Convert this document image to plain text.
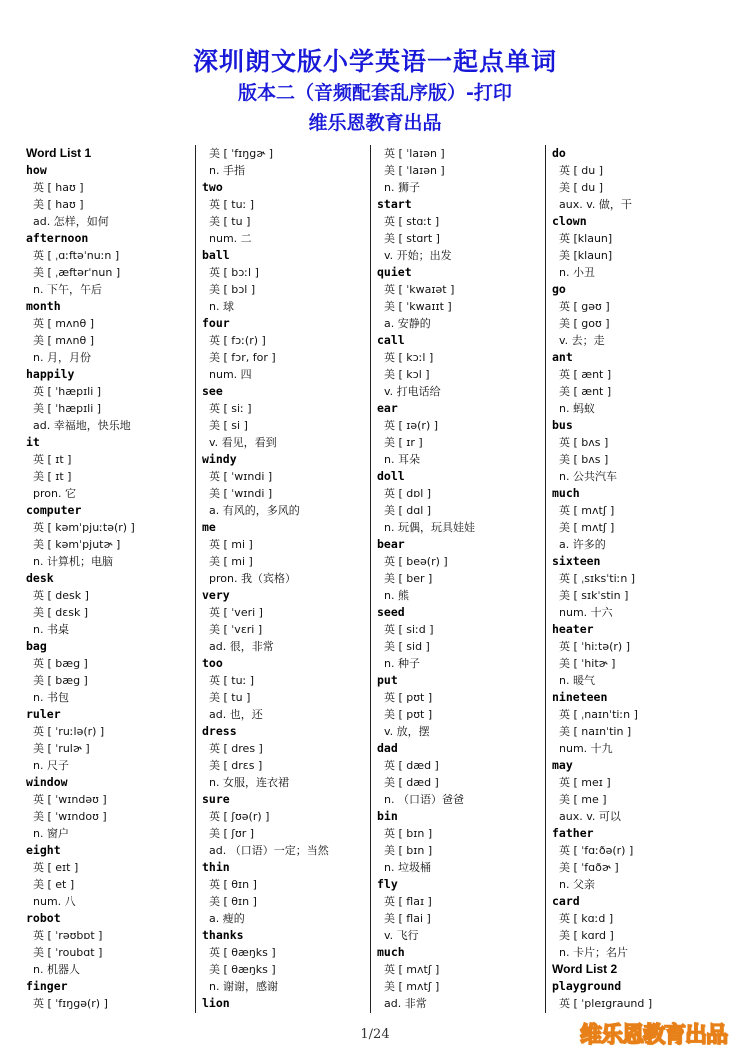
深圳朗文版小学英语一起点单词
版本二（音频配套乱序版）-打印
维乐恩教育出品
Word List 1
how
英 [ haʊ ]
美 [ haʊ ]
ad. 怎样，如何
afternoon
英 [ ˌɑːftəˈnuːn ]
美 [ ˌæftərˈnun ]
n. 下午，午后
month
英 [ mʌnθ ]
美 [ mʌnθ ]
n. 月，月份
happily
英 [ ˈhæpɪli ]
美 [ ˈhæpɪli ]
ad. 幸福地，快乐地
it
英 [ ɪt ]
美 [ ɪt ]
pron. 它
computer
英 [ kəmˈpjuːtə(r) ]
美 [ kəmˈpjutɚ ]
n. 计算机；电脑
desk
英 [ desk ]
美 [ dɛsk ]
n. 书桌
bag
英 [ bæg ]
美 [ bæg ]
n. 书包
ruler
英 [ ˈruːlə(r) ]
美 [ ˈrulɚ ]
n. 尺子
window
英 [ ˈwɪndəʊ ]
美 [ ˈwɪndoʊ ]
n. 窗户
eight
英 [ eɪt ]
美 [ et ]
num. 八
robot
英 [ ˈrəʊbɒt ]
美 [ ˈroubɑt ]
n. 机器人
finger
英 [ ˈfɪŋgə(r) ]
美 [ ˈfɪŋgɚ ]
n. 手指
two
英 [ tuː ]
美 [ tu ]
num. 二
ball
英 [ bɔːl ]
美 [ bɔl ]
n. 球
four
英 [ fɔː(r) ]
美 [ fɔr, for ]
num. 四
see
英 [ siː ]
美 [ si ]
v. 看见，看到
windy
英 [ ˈwɪndi ]
美 [ ˈwɪndi ]
a. 有风的，多风的
me
英 [ mi ]
美 [ mi ]
pron. 我（宾格）
very
英 [ ˈveri ]
美 [ ˈvɛri ]
ad. 很，非常
too
英 [ tuː ]
美 [ tu ]
ad. 也，还
dress
英 [ dres ]
美 [ drɛs ]
n. 女服，连衣裙
sure
英 [ ʃʊə(r) ]
美 [ ʃʊr ]
ad. （口语）一定；当然
thin
英 [ θɪn ]
美 [ θɪn ]
a. 瘦的
thanks
英 [ θæŋks ]
美 [ θæŋks ]
n. 谢谢，感谢
lion
英 [ ˈlaɪən ]
美 [ ˈlaɪən ]
n. 狮子
start
英 [ stɑːt ]
美 [ stɑrt ]
v. 开始；出发
quiet
英 [ ˈkwaɪət ]
美 [ ˈkwaɪɪt ]
a. 安静的
call
英 [ kɔːl ]
美 [ kɔl ]
v. 打电话给
ear
英 [ ɪə(r) ]
美 [ ɪr ]
n. 耳朵
doll
英 [ dɒl ]
美 [ dɑl ]
n. 玩偶，玩具娃娃
bear
英 [ beə(r) ]
美 [ ber ]
n. 熊
seed
英 [ siːd ]
美 [ sid ]
n. 种子
put
英 [ pʊt ]
美 [ pʊt ]
v. 放，摆
dad
英 [ dæd ]
美 [ dæd ]
n. （口语）爸爸
bin
英 [ bɪn ]
美 [ bɪn ]
n. 垃圾桶
fly
英 [ flaɪ ]
美 [ flai ]
v. 飞行
much
英 [ mʌtʃ ]
美 [ mʌtʃ ]
ad. 非常
do
英 [ du ]
美 [ du ]
aux. v. 做，干
clown
英 [klaun]
美 [klaun]
n. 小丑
go
英 [ gəʊ ]
美 [ goʊ ]
v. 去；走
ant
英 [ ænt ]
美 [ ænt ]
n. 蚂蚁
bus
英 [ bʌs ]
美 [ bʌs ]
n. 公共汽车
much
英 [ mʌtʃ ]
美 [ mʌtʃ ]
a. 许多的
sixteen
英 [ ˌsɪksˈtiːn ]
美 [ sɪkˈstin ]
num. 十六
heater
英 [ ˈhiːtə(r) ]
美 [ ˈhitɚ ]
n. 暖气
nineteen
英 [ ˌnaɪnˈtiːn ]
美 [ naɪnˈtin ]
num. 十九
may
英 [ meɪ ]
美 [ me ]
aux. v. 可以
father
英 [ ˈfɑːðə(r) ]
美 [ ˈfɑðɚ ]
n. 父亲
card
英 [ kɑːd ]
美 [ kɑrd ]
n. 卡片；名片
Word List 2
playground
英 [ ˈpleɪgraund ]
1/24	维乐恩教育出品
